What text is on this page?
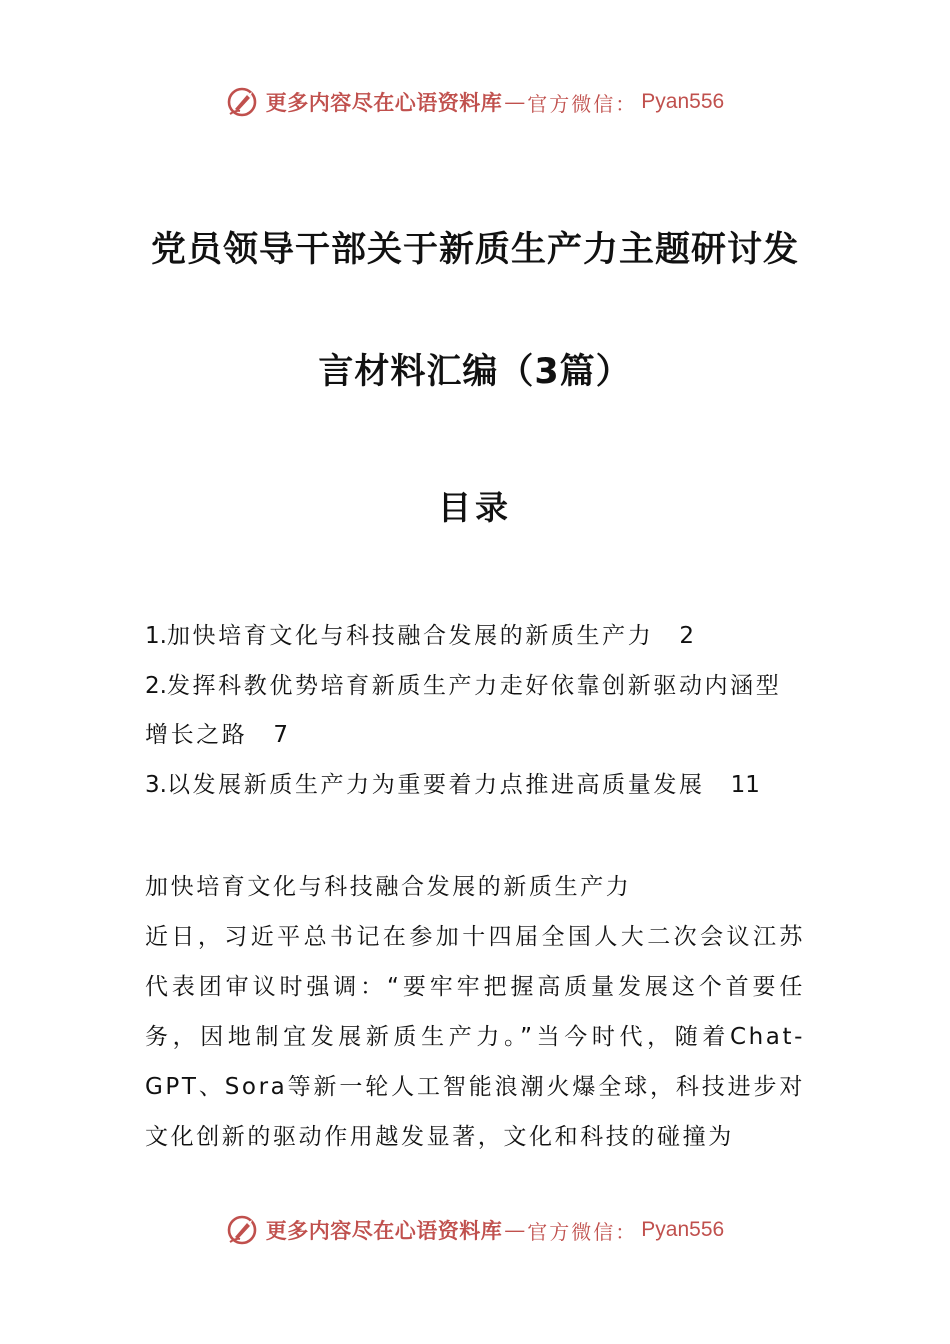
更多内容尽在心语资料库 — 官方微信： Pyan556
党员领导干部关于新质生产力主题研讨发
言材料汇编（3篇）
目录
1.加快培育文化与科技融合发展的新质生产力 2
2.发挥科教优势培育新质生产力走好依靠创新驱动内涵型增长之路 7
3.以发展新质生产力为重要着力点推进高质量发展 11

加快培育文化与科技融合发展的新质生产力

近日，习近平总书记在参加十四届全国人大二次会议江苏代表团审议时强调：“要牢牢把握高质量发展这个首要任务，因地制宜发展新质生产力。”当今时代，随着Chat-GPT、Sora等新一轮人工智能浪潮火爆全球，科技进步对文化创新的驱动作用越发显著，文化和科技的碰撞为

更多内容尽在心语资料库 — 官方微信： Pyan556
